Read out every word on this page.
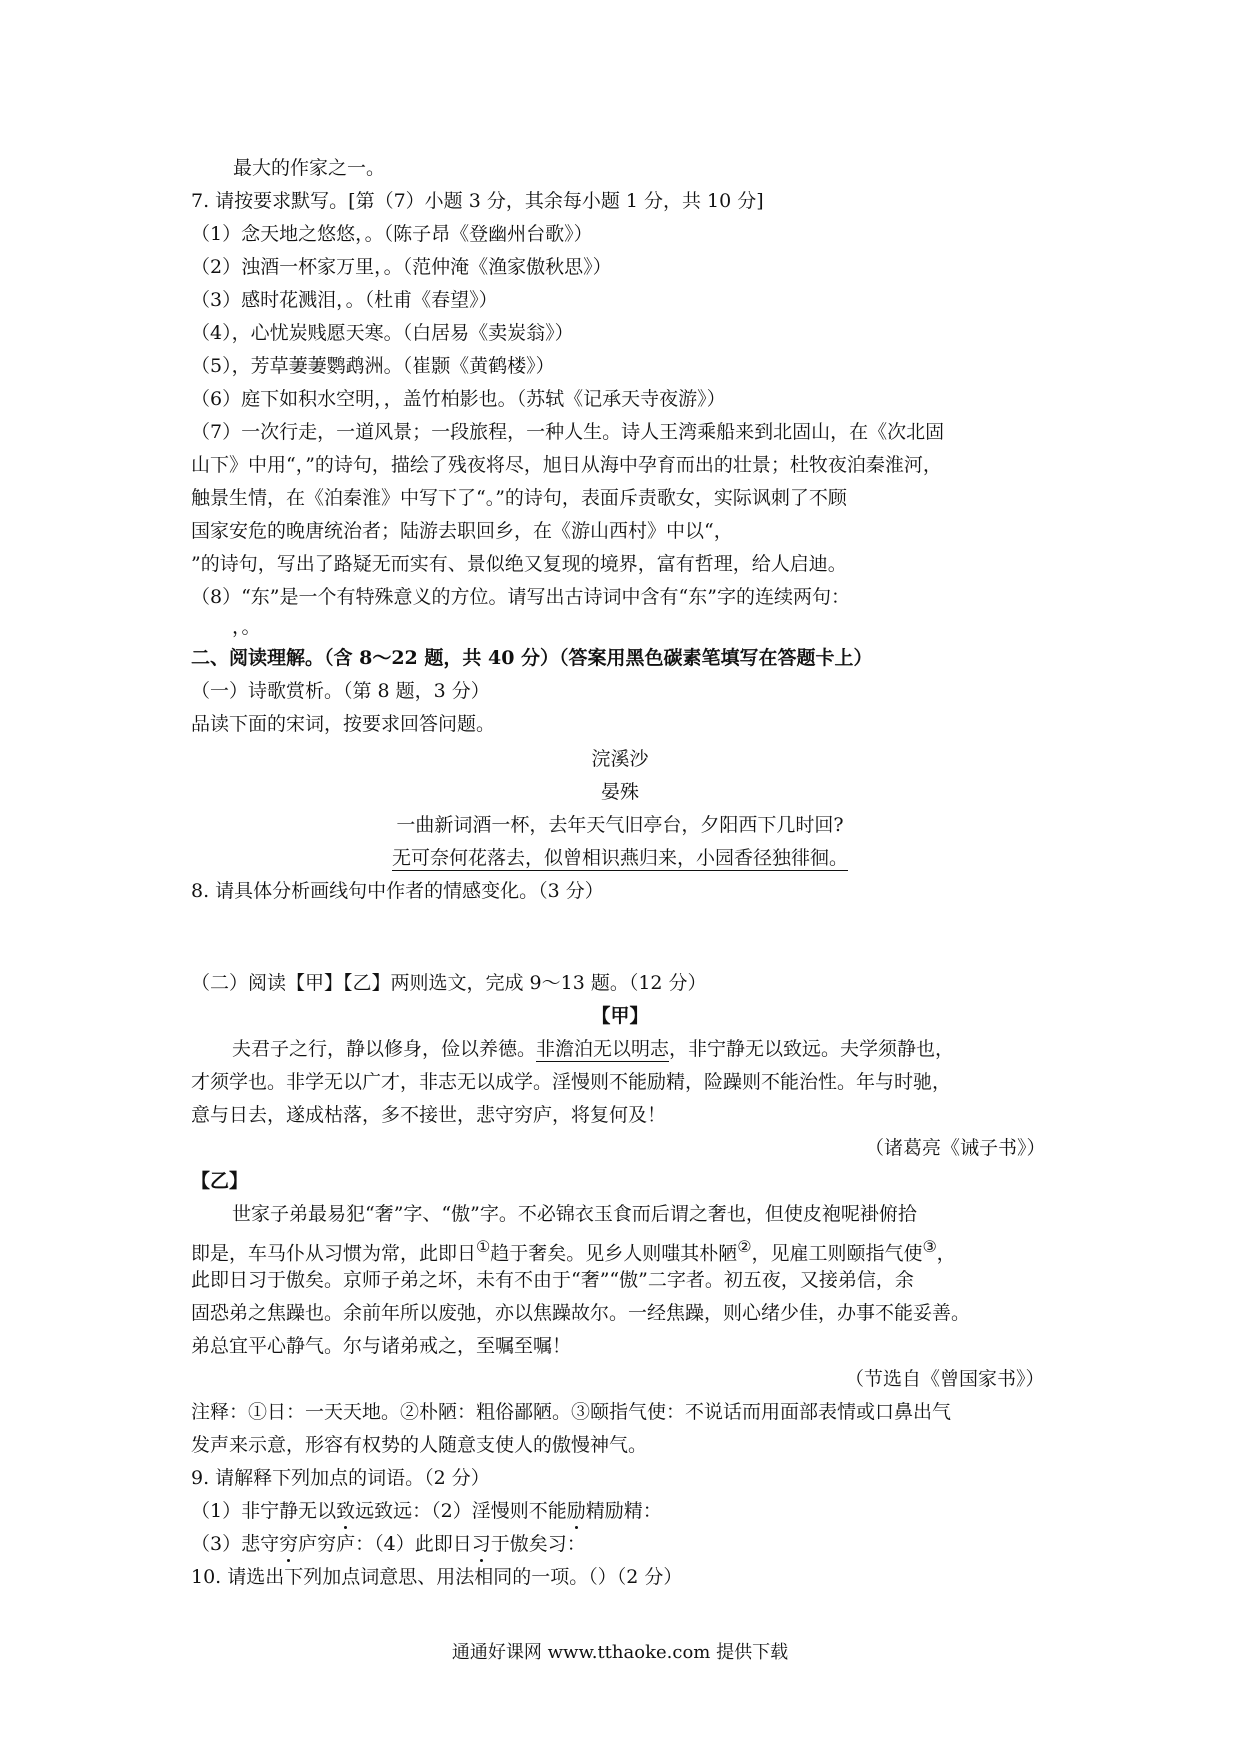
最大的作家之一。
7. 请按要求默写。[第（7）小题 3 分，其余每小题 1 分，共 10 分]
（1）念天地之悠悠，。（陈子昂《登幽州台歌》）
（2）浊酒一杯家万里，。（范仲淹《渔家傲秋思》）
（3）感时花溅泪，。（杜甫《春望》）
（4），心忧炭贱愿天寒。（白居易《卖炭翁》）
（5），芳草萋萋鹦鹉洲。（崔颢《黄鹤楼》）
（6）庭下如积水空明，，盖竹柏影也。（苏轼《记承天寺夜游》）
（7）一次行走，一道风景；一段旅程，一种人生。诗人王湾乘船来到北固山，在《次北固
山下》中用“，”的诗句，描绘了残夜将尽，旭日从海中孕育而出的壮景；杜牧夜泊秦淮河，
触景生情，在《泊秦淮》中写下了“。”的诗句，表面斥责歌女，实际讽刺了不顾
国家安危的晚唐统治者；陆游去职回乡，在《游山西村》中以“，
”的诗句，写出了路疑无而实有、景似绝又复现的境界，富有哲理，给人启迪。
（8）“东”是一个有特殊意义的方位。请写出古诗词中含有“东”字的连续两句：
，。
二、阅读理解。（含 8～22 题，共 40 分）（答案用黑色碳素笔填写在答题卡上）
（一）诗歌赏析。（第 8 题，3 分）
品读下面的宋词，按要求回答问题。
浣溪沙
晏殊
一曲新词酒一杯，去年天气旧亭台，夕阳西下几时回?
无可奈何花落去，似曾相识燕归来，小园香径独徘徊。
8. 请具体分析画线句中作者的情感变化。（3 分）
（二）阅读【甲】【乙】两则选文，完成 9～13 题。（12 分）
【甲】
夫君子之行，静以修身，俭以养德。非澹泊无以明志，非宁静无以致远。夫学须静也，
才须学也。非学无以广才，非志无以成学。淫慢则不能励精，险躁则不能治性。年与时驰，
意与日去，遂成枯落，多不接世，悲守穷庐，将复何及！
（诸葛亮《诫子书》）
【乙】
世家子弟最易犯“奢”字、“傲”字。不必锦衣玉食而后谓之奢也，但使皮袍呢褂俯拾
即是，车马仆从习惯为常，此即日①趋于奢矣。见乡人则嗤其朴陋②，见雇工则颐指气使③，
此即日习于傲矣。京师子弟之坏，未有不由于“奢”“傲”二字者。初五夜，又接弟信，余
固恐弟之焦躁也。余前年所以废弛，亦以焦躁故尔。一经焦躁，则心绪少佳，办事不能妥善。
弟总宜平心静气。尔与诸弟戒之，至嘱至嘱！
（节选自《曾国家书》）
注释：①日：一天天地。②朴陋：粗俗鄙陋。③颐指气使：不说话而用面部表情或口鼻出气
发声来示意，形容有权势的人随意支使人的傲慢神气。
9. 请解释下列加点的词语。（2 分）
（1）非宁静无以致远致远：（2）淫慢则不能励精励精：
（3）悲守穷庐穷庐：（4）此即日习于傲矣习：
10. 请选出下列加点词意思、用法相同的一项。（）（2 分）
通通好课网 www.tthaoke.com 提供下载
